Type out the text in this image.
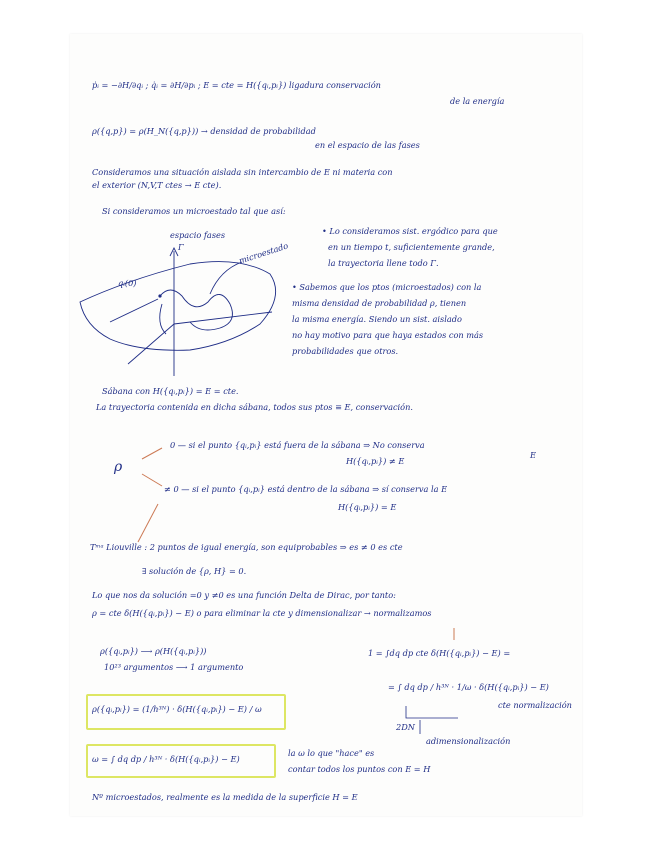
ṗᵢ = −∂H/∂qᵢ ; q̇ᵢ = ∂H/∂pᵢ ; E = cte = H({qᵢ,pᵢ}) ligadura conservación
de la energía
ρ({q,p}) = ρ(H_N({q,p})) → densidad de probabilidad
en el espacio de las fases
Consideramos una situación aislada sin intercambio de E ni materia con
el exterior (N,V,T ctes → E cte).
Si consideramos un microestado tal que así:
espacio fases
Γ	microestado
qᵢ(0)
• Lo consideramos sist. ergódico para que
en un tiempo t, suficientemente grande,
la trayectoria llene todo Γ.
• Sabemos que los ptos (microestados) con la
misma densidad de probabilidad ρ, tienen
la misma energía. Siendo un sist. aislado
no hay motivo para que haya estados con más
probabilidades que otros.
Sábana con H({qᵢ,pᵢ}) = E = cte.
La trayectoria contenida en dicha sábana, todos sus ptos ≡ E, conservación.
ρ
0 — si el punto {qᵢ,pᵢ} está fuera de la sábana ⇒ No conserva
E
H({qᵢ,pᵢ}) ≠ E
≠ 0 — si el punto {qᵢ,pᵢ} está dentro de la sábana ⇒ sí conserva la E
H({qᵢ,pᵢ}) = E
Tᵐᵃ Liouville : 2 puntos de igual energía, son equiprobables ⇒ es ≠ 0 es cte
∃ solución de {ρ, H} = 0.
Lo que nos da solución =0 y ≠0 es una función Delta de Dirac, por tanto:
ρ = cte δ(H({qᵢ,pᵢ}) − E) o para eliminar la cte y dimensionalizar → normalizamos
ρ({qᵢ,pᵢ}) ⟶ ρ(H({qᵢ,pᵢ}))
10²³ argumentos ⟶ 1 argumento
1 = ∫dq dp cte δ(H({qᵢ,pᵢ}) − E) =
= ∫ dq dp / h³ᴺ · 1/ω · δ(H({qᵢ,pᵢ}) − E)
2DN
cte normalización
adimensionalización
ρ({qᵢ,pᵢ}) = (1/h³ᴺ) · δ(H({qᵢ,pᵢ}) − E) / ω
ω = ∫ dq dp / h³ᴺ · δ(H({qᵢ,pᵢ}) − E)
la ω lo que "hace" es
contar todos los puntos con E = H
Nº microestados, realmente es la medida de la superficie H = E
